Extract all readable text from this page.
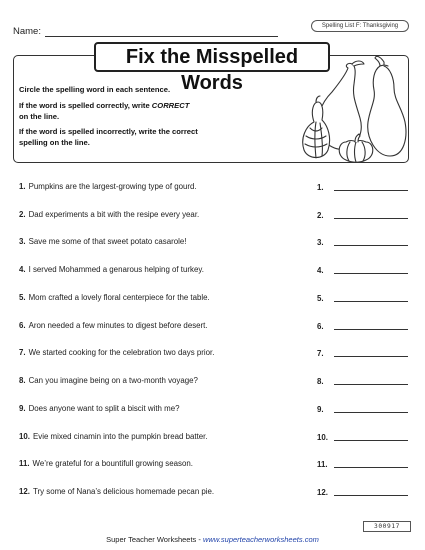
Name:	Spelling List F: Thanksgiving
Fix the Misspelled Words
Circle the spelling word in each sentence.
If the word is spelled correctly, write CORRECT
on the line.
If the word is spelled incorrectly, write the correct
spelling on the line.
1. Pumpkins are the largest-growing type of gourd.	1.
2. Dad experiments a bit with the resipe every year.	2.
3. Save me some of that sweet potato casarole!	3.
4. I served Mohammed a genarous helping of turkey.	4.
5. Mom crafted a lovely floral centerpiece for the table.	5.
6. Aron needed a few minutes to digest before desert.	6.
7. We started cooking for the celebration two days prior.	7.
8. Can you imagine being on a two-month voyage?	8.
9. Does anyone want to split a biscit with me?	9.
10. Evie mixed cinamin into the pumpkin bread batter.	10.
11. We’re grateful for a bountifull growing season.	11.
12. Try some of Nana’s delicious homemade pecan pie.	12.
300917
Super Teacher Worksheets - www.superteacherworksheets.com
